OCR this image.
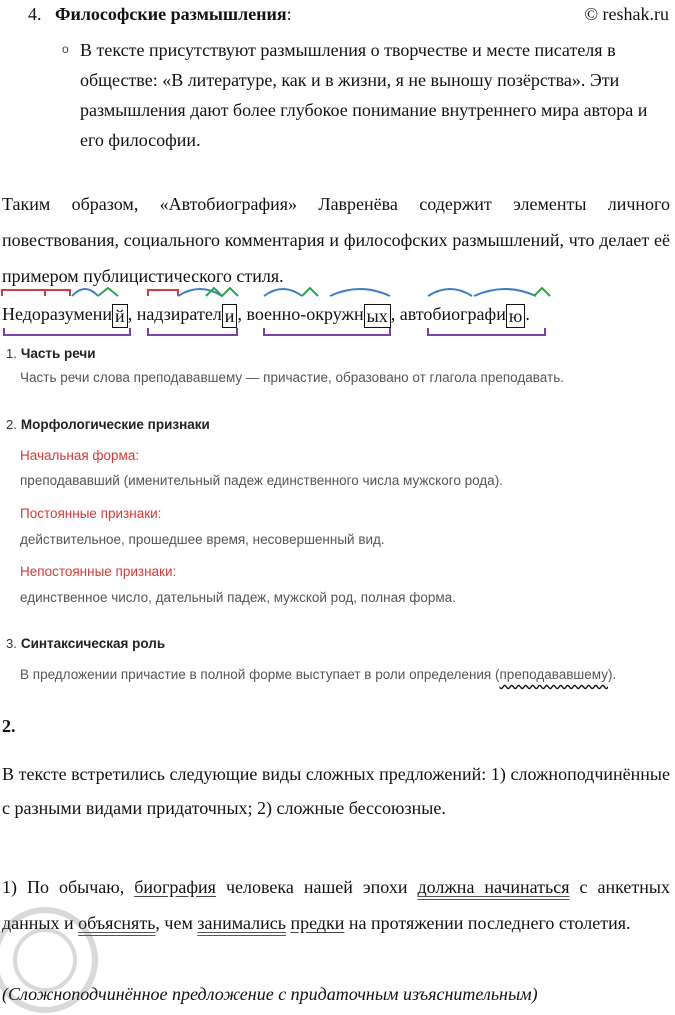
© reshak.ru
4. Философские размышления:
o В тексте присутствуют размышления о творчестве и месте писателя в обществе: «В литературе, как и в жизни, я не выношу позёрства». Эти размышления дают более глубокое понимание внутреннего мира автора и его философии.
Таким образом, «Автобиография» Лавренёва содержит элементы личного повествования, социального комментария и философских размышлений, что делает её примером публицистического стиля.
Недоразумени й , надзирател и , военно-окружн ых , автобиографи ю .
1. Часть речи
Часть речи слова преподававшему — причастие, образовано от глагола преподавать.
2. Морфологические признаки
Начальная форма:
преподававший (именительный падеж единственного числа мужского рода).
Постоянные признаки:
действительное, прошедшее время, несовершенный вид.
Непостоянные признаки:
единственное число, дательный падеж, мужской род, полная форма.
3. Синтаксическая роль
В предложении причастие в полной форме выступает в роли определения (преподававшему).
2.
В тексте встретились следующие виды сложных предложений: 1) сложноподчинённые с разными видами придаточных; 2) сложные бессоюзные.
1) По обычаю, биография человека нашей эпохи должна начинаться с анкетных данных и объяснять, чем занимались предки на протяжении последнего столетия.
(Сложноподчинённое предложение с придаточным изъяснительным)
